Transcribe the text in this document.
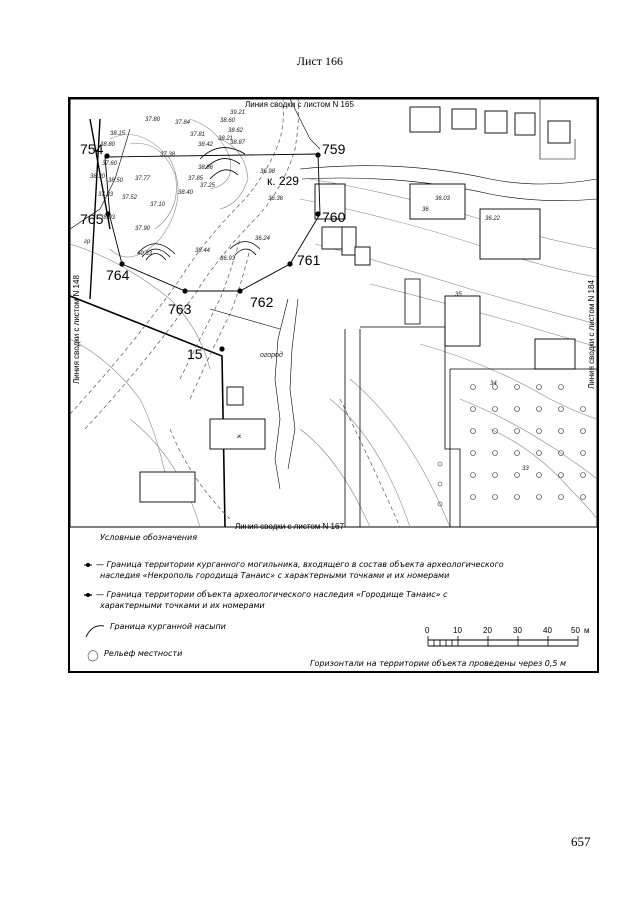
Лист 166
Линия сводки с листом N 165
Линия сводки с листом N 167
Линия сводки с листом N 148	Линия сводки с листом N 184
754	759
760
761
762
763
764
765
15
к. 229
огород
ж
гр
36
35
34
33
37.84
38.15	37.81
38.62
38.42	38.87
37.38
38.80
38.86
37.60
38.20
38.50 37.77	37.85
36.98
37.83 37.52
38.40
37.10
37.25
36.36
38.03
37.90
36.03
36.22
40.33
36.24
38.44
36.93
38.21
37.80	38.60
39.21
Условные обозначения
— Граница территории курганного могильника, входящего в состав объекта археологического
наследия «Некрополь городища Танаис» с характерными точками и их номерами
— Граница территории объекта археологического наследия «Городище Танаис» с
характерными точками и их номерами
Граница курганной насыпи
Рельеф местности
0	10	20	30	40 50 м
Горизонтали на территории объекта проведены через 0,5 м
657
